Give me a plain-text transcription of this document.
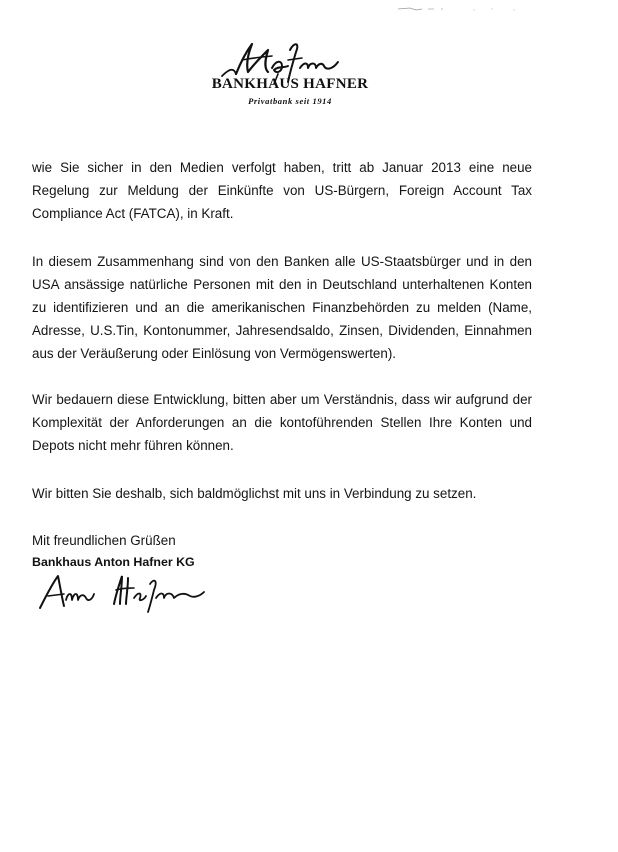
BANKHAUS HAFNER
Privatbank seit 1914

wie Sie sicher in den Medien verfolgt haben, tritt ab Januar 2013 eine neue Regelung zur Meldung der Einkünfte von US-Bürgern, Foreign Account Tax Compliance Act (FATCA), in Kraft.

In diesem Zusammenhang sind von den Banken alle US-Staatsbürger und in den USA ansässige natürliche Personen mit den in Deutschland unterhaltenen Konten zu identifizieren und an die amerikanischen Finanzbehörden zu melden (Name, Adresse, U.S.Tin, Kontonummer, Jahresendsaldo, Zinsen, Dividenden, Einnahmen aus der Veräußerung oder Einlösung von Vermögenswerten).

Wir bedauern diese Entwicklung, bitten aber um Verständnis, dass wir aufgrund der Komplexität der Anforderungen an die kontoführenden Stellen Ihre Konten und Depots nicht mehr führen können.

Wir bitten Sie deshalb, sich baldmöglichst mit uns in Verbindung zu setzen.

Mit freundlichen Grüßen
Bankhaus Anton Hafner KG
